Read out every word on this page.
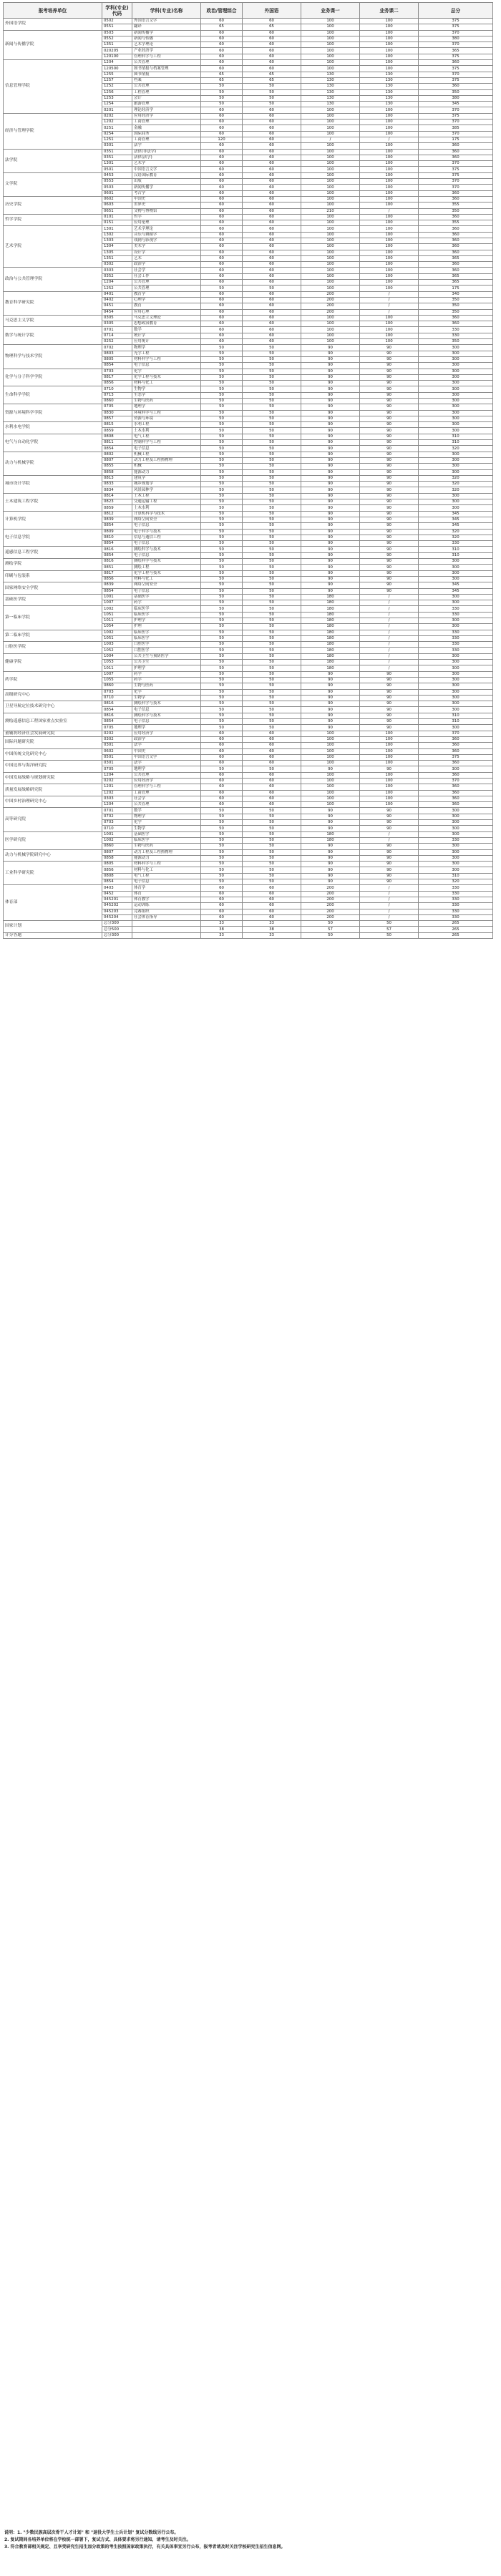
报考培养单位	学科(专业)代码	学科(专业)名称	政治/管理综合	外国语	业务课一	业务课二	总分
外国语学院	0502	外国语言文学	60	60	100	100	375
	0551	翻译	65	65	100	100	375
新闻与传播学院	0503	新闻传播学	60	60	100	100	370
	0552	新闻与传播	60	60	100	100	380
	1351	艺术学理论	60	60	100	100	370
	020205	产业经济学	60	60	100	100	365
	120100	管理科学与工程	60	60	100	100	375
信息管理学院	1204	公共管理	60	60	100	100	360
	120500	图书情报与档案管理	60	60	100	100	375
	1255	图书情报	65	65	130	130	370
	1257	档案	65	65	130	130	375
	1252	公共管理	50	50	130	130	360
	1256	工程管理	50	50	130	130	350
	1253	会计	50	50	130	130	380
	1254	旅游管理	50	50	130	130	345
	0201	理论经济学	60	60	100	100	370
经济与管理学院	0202	应用经济学	60	60	100	100	375
	1202	工商管理	60	60	100	100	370
	0251	金融	60	60	100	100	385
	0254	国际商务	60	60	100	100	370
	1251	工商管理	120	60	/	/	175
	0301	法学	60	60	100	100	360
法学院	0351	法律(非法学)	60	60	100	100	360
	0351	法律(法学)	60	60	100	100	360
	1301	艺术学	60	60	100	100	370
	0501	中国语言文学	60	60	100	100	375
文学院	0453	汉语国际教育	60	60	100	100	375
	0553	出版	60	60	100	100	370
	0503	新闻传播学	60	60	100	100	370
	0601	考古学	60	60	100	100	360
历史学院	0602	中国史	60	60	100	100	360
	0603	世界史	60	60	100	100	355
	0651	文物与博物馆	60	60	210	/	350
哲学学院	0101	哲学	60	60	100	100	360
	0151	应用伦理	60	60	100	100	355
艺术学院	1301	艺术学理论	60	60	100	100	360
	1302	音乐与舞蹈学	60	60	100	100	360
	1303	戏剧与影视学	60	60	100	100	360
	1304	美术学	60	60	100	100	360
	1305	设计学	60	60	100	100	360
	1351	艺术	60	60	100	100	365
	0302	政治学	60	60	100	100	360
政治与公共管理学院	0303	社会学	60	60	100	100	360
	0352	社会工作	60	60	100	100	365
	1204	公共管理	60	60	100	100	365
	1252	公共管理	50	50	100	100	175
教育科学研究院	0401	教育学	60	60	200	/	340
	0402	心理学	60	60	200	/	350
	0451	教育	60	60	200	/	350
	0454	应用心理	60	60	200	/	350
马克思主义学院	0305	马克思主义理论	60	60	100	100	360
	0305	思想政治教育	60	60	100	100	360
数学与统计学院	0701	数学	60	60	100	100	330
	0714	统计学	60	60	100	100	330
	0252	应用统计	60	60	100	100	350
物理科学与技术学院	0702	物理学	50	50	90	90	300
	0803	光学工程	50	50	90	90	300
	0805	材料科学与工程	50	50	90	90	300
	0854	电子信息	50	50	90	90	300
化学与分子科学学院	0703	化学	50	50	90	90	300
	0817	化学工程与技术	50	50	90	90	300
	0856	材料与化工	50	50	90	90	300
生命科学学院	0710	生物学	50	50	90	90	300
	0713	生态学	50	50	90	90	300
	0860	生物与医药	50	50	90	90	300
资源与环境科学学院	0705	地理学	50	50	90	90	300
	0830	环境科学与工程	50	50	90	90	300
	0857	资源与环境	50	50	90	90	300
水利水电学院	0815	水利工程	50	50	90	90	300
	0859	土木水利	50	50	90	90	300
电气与自动化学院	0808	电气工程	50	50	90	90	310
	0811	控制科学与工程	50	50	90	90	310
	0854	电子信息	50	50	90	90	320
动力与机械学院	0802	机械工程	50	50	90	90	300
	0807	动力工程及工程热物理	50	50	90	90	300
	0855	机械	50	50	90	90	300
	0858	能源动力	50	50	90	90	300
城市设计学院	0813	建筑学	50	50	90	90	320
	0833	城乡规划学	50	50	90	90	320
	0834	风景园林学	50	50	90	90	320
土木建筑工程学院	0814	土木工程	50	50	90	90	300
	0823	交通运输工程	50	50	90	90	300
	0859	土木水利	50	50	90	90	300
计算机学院	0812	计算机科学与技术	50	50	90	90	345
	0839	网络空间安全	50	50	90	90	345
	0854	电子信息	50	50	90	90	345
电子信息学院	0809	电子科学与技术	50	50	90	90	320
	0810	信息与通信工程	50	50	90	90	320
	0854	电子信息	50	50	90	90	330
遥感信息工程学院	0816	测绘科学与技术	50	50	90	90	310
	0854	电子信息	50	50	90	90	310
测绘学院	0816	测绘科学与技术	50	50	90	90	300
	0851	测绘工程	50	50	90	90	300
印刷与包装系	0817	化学工程与技术	50	50	90	90	300
	0856	材料与化工	50	50	90	90	300
国家网络安全学院	0839	网络空间安全	50	50	90	90	345
	0854	电子信息	50	50	90	90	345
基础医学院	1001	基础医学	50	50	180	/	300
	1007	药学	50	50	180	/	300
第一临床学院	1002	临床医学	50	50	180	/	330
	1051	临床医学	50	50	180	/	330
	1011	护理学	50	50	180	/	300
	1054	护理	50	50	180	/	300
第二临床学院	1002	临床医学	50	50	180	/	330
	1051	临床医学	50	50	180	/	330
口腔医学院	1003	口腔医学	50	50	180	/	330
	1052	口腔医学	50	50	180	/	330
健康学院	1004	公共卫生与预防医学	50	50	180	/	300
	1053	公共卫生	50	50	180	/	300
	1011	护理学	50	50	180	/	300
药学院	1007	药学	50	50	90	90	300
	1055	药学	50	50	90	90	300
	0860	生物与医药	50	50	90	90	300
高级研究中心	0703	化学	50	50	90	90	300
	0710	生物学	50	50	90	90	300
卫星导航定位技术研究中心	0816	测绘科学与技术	50	50	90	90	300
	0854	电子信息	50	50	90	90	300
测绘遥感信息工程国家重点实验室	0816	测绘科学与技术	50	50	90	90	310
	0854	电子信息	50	50	90	90	310
	0705	地理学	50	50	90	90	300
董辅礽经济社会发展研究院	0202	应用经济学	60	60	100	100	370
国际问题研究院	0302	政治学	60	60	100	100	360
	0301	法学	60	60	100	100	360
中国传统文化研究中心	0602	中国史	60	60	100	100	360
	0501	中国语言文学	60	60	100	100	375
中国边界与海洋研究院	0301	法学	60	60	100	100	360
	0705	地理学	50	50	90	90	300
中国发展战略与规划研究院	1204	公共管理	60	60	100	100	360
	0202	应用经济学	60	60	100	100	370
质量发展战略研究院	1201	管理科学与工程	60	60	100	100	360
	1202	工商管理	60	60	100	100	360
中国乡村治理研究中心	0303	社会学	60	60	100	100	360
	1204	公共管理	60	60	100	100	360
高等研究院	0701	数学	50	50	90	90	300
	0702	物理学	50	50	90	90	300
	0703	化学	50	50	90	90	300
	0710	生物学	50	50	90	90	300
医学研究院	1001	基础医学	50	50	180	/	300
	1002	临床医学	50	50	180	/	330
	0860	生物与医药	50	50	90	90	300
动力与机械学院研究中心	0807	动力工程及工程热物理	50	50	90	90	300
	0858	能源动力	50	50	90	90	300
工业科学研究院	0805	材料科学与工程	50	50	90	90	300
	0856	材料与化工	50	50	90	90	300
	0808	电气工程	50	50	90	90	310
	0854	电子信息	50	50	90	90	320
体育部	0403	体育学	60	60	200	/	330
	0452	体育	60	60	200	/	330
	045201	体育教学	60	60	200	/	330
	045202	运动训练	60	60	200	/	330
	045203	竞赛组织	60	60	200	/	330
	045204	社会体育指导	60	60	200	/	330
国家计划	总分300		33	33	50	50	265
	总分500		38	38	57	57	265
计分答题	总分300		33	33	50	50	265

说明：1. "少数民族高层次骨干人才计划" 和 "退役大学生士兵计划" 复试分数线另行公布。

2. 复试期间各培养单位将在学校统一部署下，复试方式、具体要求将另行通知，请考生及时关注。

3. 符合教育部相关规定、且享受研究生招生加分政策的考生按照国家政策执行，有关具体事宜另行公布，报考者请及时关注学校研究生招生信息网。
